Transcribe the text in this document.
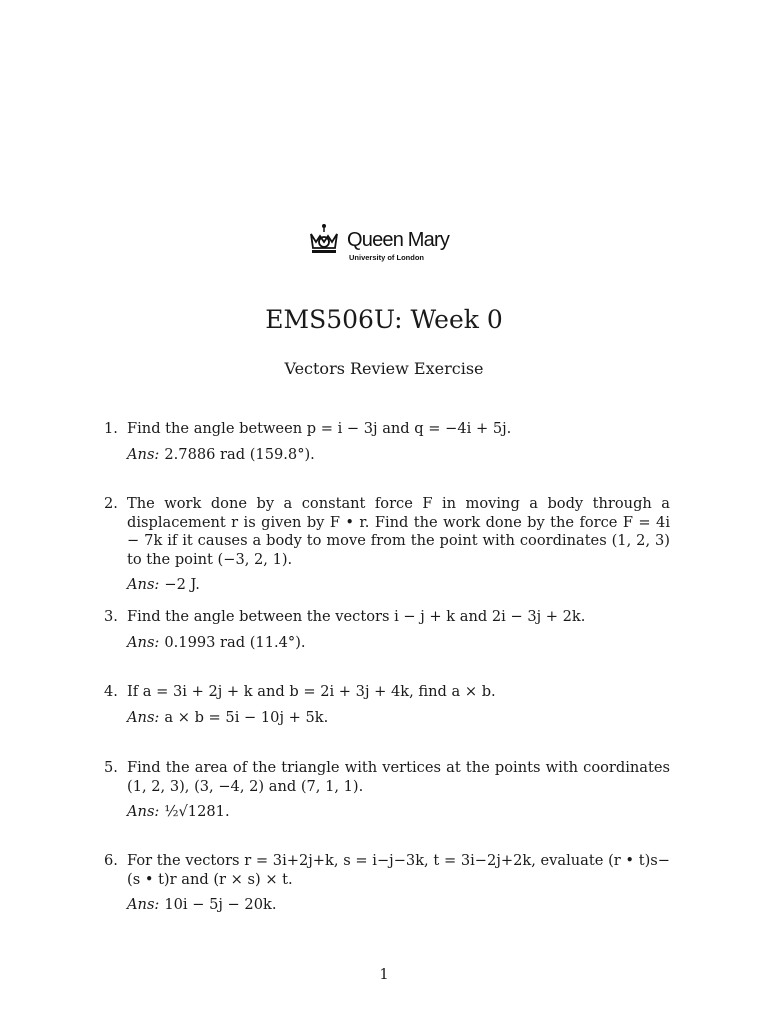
Queen Mary
University of London
EMS506U: Week 0
Vectors Review Exercise
1. Find the angle between p = i − 3j and q = −4i + 5j.
Ans: 2.7886 rad (159.8°).
2. The work done by a constant force F in moving a body through a displacement r is given by F • r. Find the work done by the force F = 4i − 7k if it causes a body to move from the point with coordinates (1, 2, 3) to the point (−3, 2, 1).
Ans: −2 J.
3. Find the angle between the vectors i − j + k and 2i − 3j + 2k.
Ans: 0.1993 rad (11.4°).
4. If a = 3i + 2j + k and b = 2i + 3j + 4k, find a × b.
Ans: a × b = 5i − 10j + 5k.
5. Find the area of the triangle with vertices at the points with coordinates (1, 2, 3), (3, −4, 2) and (7, 1, 1).
Ans: ½√1281.
6. For the vectors r = 3i+2j+k, s = i−j−3k, t = 3i−2j+2k, evaluate (r • t)s−(s • t)r and (r × s) × t.
Ans: 10i − 5j − 20k.
1
